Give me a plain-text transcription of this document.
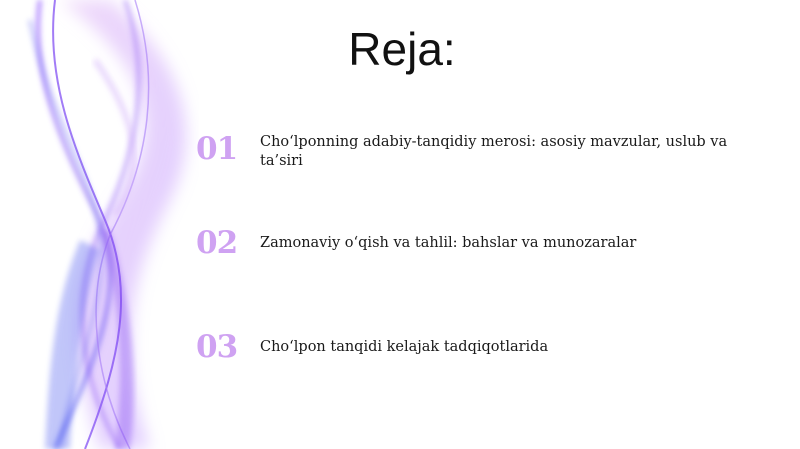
Reja:
01	Cho‘lponning adabiy-tanqidiy merosi: asosiy mavzular, uslub va ta’siri
02	Zamonaviy o‘qish va tahlil: bahslar va munozaralar
03	Cho‘lpon tanqidi kelajak tadqiqotlarida
